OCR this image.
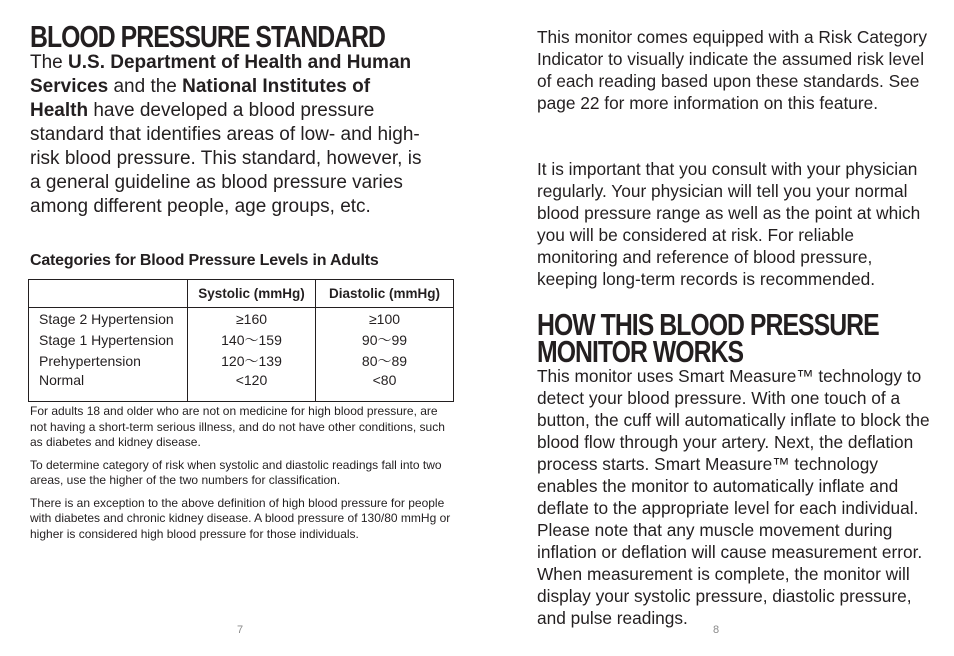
BLOOD PRESSURE STANDARD

The U.S. Department of Health and Human Services and the National Institutes of Health have developed a blood pressure standard that identifies areas of low- and high-risk blood pressure. This standard, however, is a general guideline as blood pressure varies among different people, age groups, etc.

Categories for Blood Pressure Levels in Adults
	Systolic (mmHg)	Diastolic (mmHg)
Stage 2 Hypertension	≥160	≥100
Stage 1 Hypertension	140～159	90～99
Prehypertension	120～139	80～89
Normal	<120	<80

For adults 18 and older who are not on medicine for high blood pressure, are not having a short-term serious illness, and do not have other conditions, such as diabetes and kidney disease.

To determine category of risk when systolic and diastolic readings fall into two areas, use the higher of the two numbers for classification.

There is an exception to the above definition of high blood pressure for people with diabetes and chronic kidney disease. A blood pressure of 130/80 mmHg or higher is considered high blood pressure for those individuals.

7

This monitor comes equipped with a Risk Category Indicator to visually indicate the assumed risk level of each reading based upon these standards. See page 22 for more information on this feature.

It is important that you consult with your physician regularly. Your physician will tell you your normal blood pressure range as well as the point at which you will be considered at risk. For reliable monitoring and reference of blood pressure, keeping long-term records is recommended.

HOW THIS BLOOD PRESSURE
MONITOR WORKS

This monitor uses Smart Measure™ technology to detect your blood pressure. With one touch of a button, the cuff will automatically inflate to block the blood flow through your artery. Next, the deflation process starts. Smart Measure™ technology enables the monitor to automatically inflate and deflate to the appropriate level for each individual. Please note that any muscle movement during inflation or deflation will cause measurement error. When measurement is complete, the monitor will display your systolic pressure, diastolic pressure, and pulse readings.

8
